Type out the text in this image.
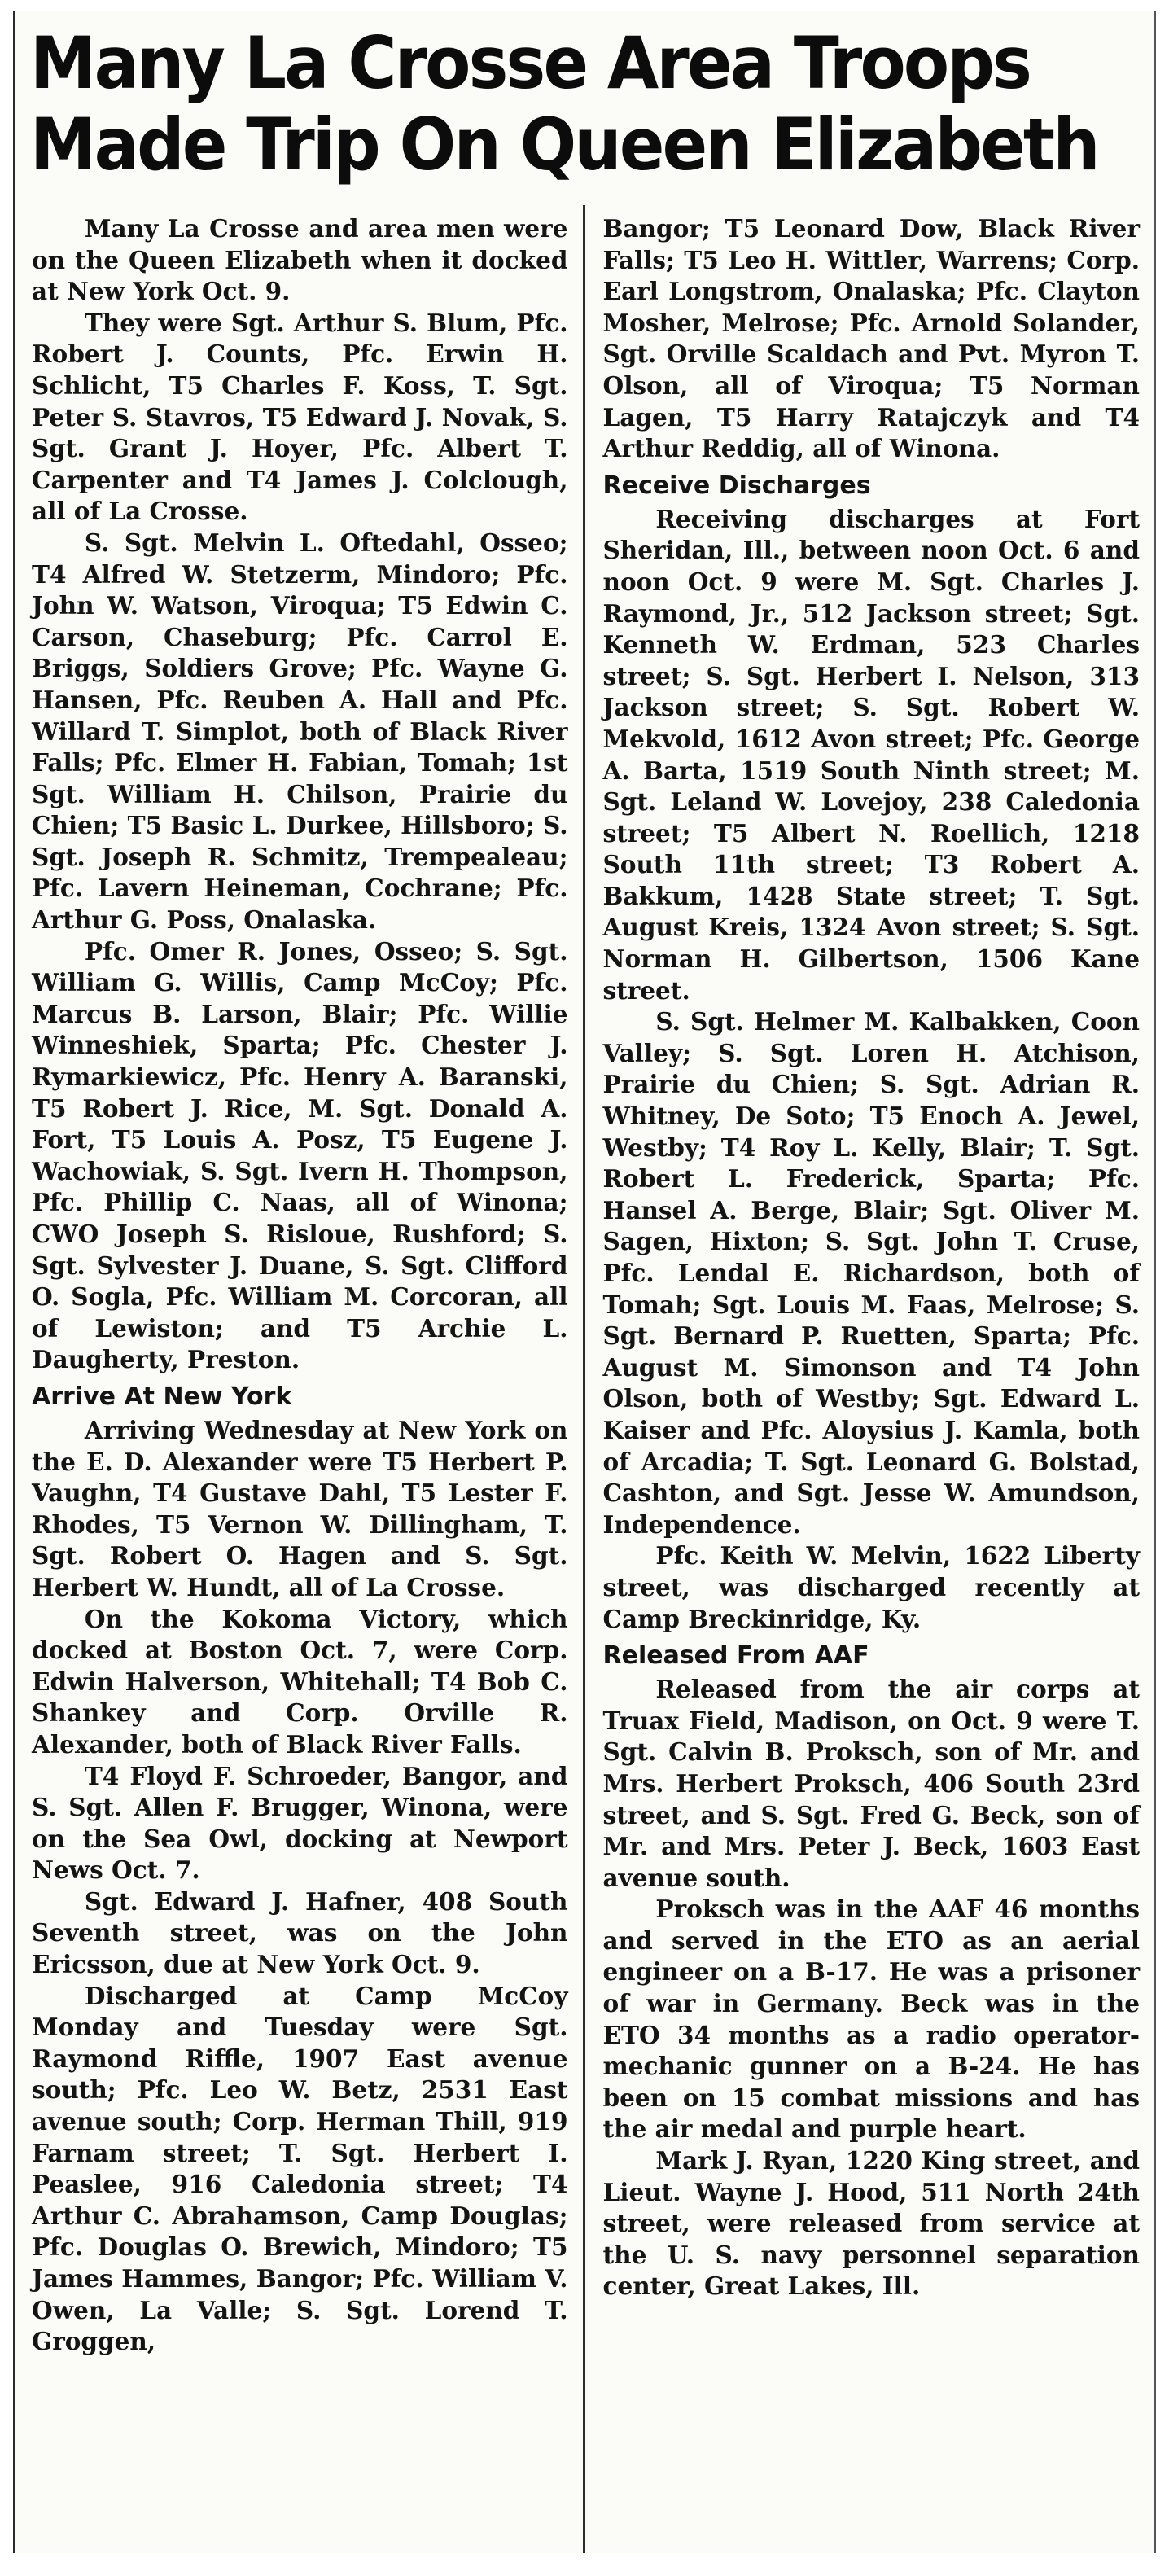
Many La Crosse Area Troops
Made Trip On Queen Elizabeth

Many La Crosse and area men were on the Queen Elizabeth when it docked at New York Oct. 9.

They were Sgt. Arthur S. Blum, Pfc. Robert J. Counts, Pfc. Erwin H. Schlicht, T5 Charles F. Koss, T. Sgt. Peter S. Stavros, T5 Edward J. Novak, S. Sgt. Grant J. Hoyer, Pfc. Albert T. Carpenter and T4 James J. Colclough, all of La Crosse.

S. Sgt. Melvin L. Oftedahl, Osseo; T4 Alfred W. Stetzerm, Mindoro; Pfc. John W. Watson, Viroqua; T5 Edwin C. Carson, Chaseburg; Pfc. Carrol E. Briggs, Soldiers Grove; Pfc. Wayne G. Hansen, Pfc. Reuben A. Hall and Pfc. Willard T. Simplot, both of Black River Falls; Pfc. Elmer H. Fabian, Tomah; 1st Sgt. William H. Chilson, Prairie du Chien; T5 Basic L. Durkee, Hillsboro; S. Sgt. Joseph R. Schmitz, Trempealeau; Pfc. Lavern Heineman, Cochrane; Pfc. Arthur G. Poss, Onalaska.

Pfc. Omer R. Jones, Osseo; S. Sgt. William G. Willis, Camp McCoy; Pfc. Marcus B. Larson, Blair; Pfc. Willie Winneshiek, Sparta; Pfc. Chester J. Rymarkiewicz, Pfc. Henry A. Baranski, T5 Robert J. Rice, M. Sgt. Donald A. Fort, T5 Louis A. Posz, T5 Eugene J. Wachowiak, S. Sgt. Ivern H. Thompson, Pfc. Phillip C. Naas, all of Winona; CWO Joseph S. Risloue, Rushford; S. Sgt. Sylvester J. Duane, S. Sgt. Clifford O. Sogla, Pfc. William M. Corcoran, all of Lewiston; and T5 Archie L. Daugherty, Preston.

Arrive At New York

Arriving Wednesday at New York on the E. D. Alexander were T5 Herbert P. Vaughn, T4 Gustave Dahl, T5 Lester F. Rhodes, T5 Vernon W. Dillingham, T. Sgt. Robert O. Hagen and S. Sgt. Herbert W. Hundt, all of La Crosse.

On the Kokoma Victory, which docked at Boston Oct. 7, were Corp. Edwin Halverson, Whitehall; T4 Bob C. Shankey and Corp. Orville R. Alexander, both of Black River Falls.

T4 Floyd F. Schroeder, Bangor, and S. Sgt. Allen F. Brugger, Winona, were on the Sea Owl, docking at Newport News Oct. 7.

Sgt. Edward J. Hafner, 408 South Seventh street, was on the John Ericsson, due at New York Oct. 9.

Discharged at Camp McCoy Monday and Tuesday were Sgt. Raymond Riffle, 1907 East avenue south; Pfc. Leo W. Betz, 2531 East avenue south; Corp. Herman Thill, 919 Farnam street; T. Sgt. Herbert I. Peaslee, 916 Caledonia street; T4 Arthur C. Abrahamson, Camp Douglas; Pfc. Douglas O. Brewich, Mindoro; T5 James Hammes, Bangor; Pfc. William V. Owen, La Valle; S. Sgt. Lorend T. Groggen,

Bangor; T5 Leonard Dow, Black River Falls; T5 Leo H. Wittler, Warrens; Corp. Earl Longstrom, Onalaska; Pfc. Clayton Mosher, Melrose; Pfc. Arnold Solander, Sgt. Orville Scaldach and Pvt. Myron T. Olson, all of Viroqua; T5 Norman Lagen, T5 Harry Ratajczyk and T4 Arthur Reddig, all of Winona.

Receive Discharges

Receiving discharges at Fort Sheridan, Ill., between noon Oct. 6 and noon Oct. 9 were M. Sgt. Charles J. Raymond, Jr., 512 Jackson street; Sgt. Kenneth W. Erdman, 523 Charles street; S. Sgt. Herbert I. Nelson, 313 Jackson street; S. Sgt. Robert W. Mekvold, 1612 Avon street; Pfc. George A. Barta, 1519 South Ninth street; M. Sgt. Leland W. Lovejoy, 238 Caledonia street; T5 Albert N. Roellich, 1218 South 11th street; T3 Robert A. Bakkum, 1428 State street; T. Sgt. August Kreis, 1324 Avon street; S. Sgt. Norman H. Gilbertson, 1506 Kane street.

S. Sgt. Helmer M. Kalbakken, Coon Valley; S. Sgt. Loren H. Atchison, Prairie du Chien; S. Sgt. Adrian R. Whitney, De Soto; T5 Enoch A. Jewel, Westby; T4 Roy L. Kelly, Blair; T. Sgt. Robert L. Frederick, Sparta; Pfc. Hansel A. Berge, Blair; Sgt. Oliver M. Sagen, Hixton; S. Sgt. John T. Cruse, Pfc. Lendal E. Richardson, both of Tomah; Sgt. Louis M. Faas, Melrose; S. Sgt. Bernard P. Ruetten, Sparta; Pfc. August M. Simonson and T4 John Olson, both of Westby; Sgt. Edward L. Kaiser and Pfc. Aloysius J. Kamla, both of Arcadia; T. Sgt. Leonard G. Bolstad, Cashton, and Sgt. Jesse W. Amundson, Independence.

Pfc. Keith W. Melvin, 1622 Liberty street, was discharged recently at Camp Breckinridge, Ky.

Released From AAF

Released from the air corps at Truax Field, Madison, on Oct. 9 were T. Sgt. Calvin B. Proksch, son of Mr. and Mrs. Herbert Proksch, 406 South 23rd street, and S. Sgt. Fred G. Beck, son of Mr. and Mrs. Peter J. Beck, 1603 East avenue south.

Proksch was in the AAF 46 months and served in the ETO as an aerial engineer on a B-17. He was a prisoner of war in Germany. Beck was in the ETO 34 months as a radio operator-mechanic gunner on a B-24. He has been on 15 combat missions and has the air medal and purple heart.

Mark J. Ryan, 1220 King street, and Lieut. Wayne J. Hood, 511 North 24th street, were released from service at the U. S. navy personnel separation center, Great Lakes, Ill.
